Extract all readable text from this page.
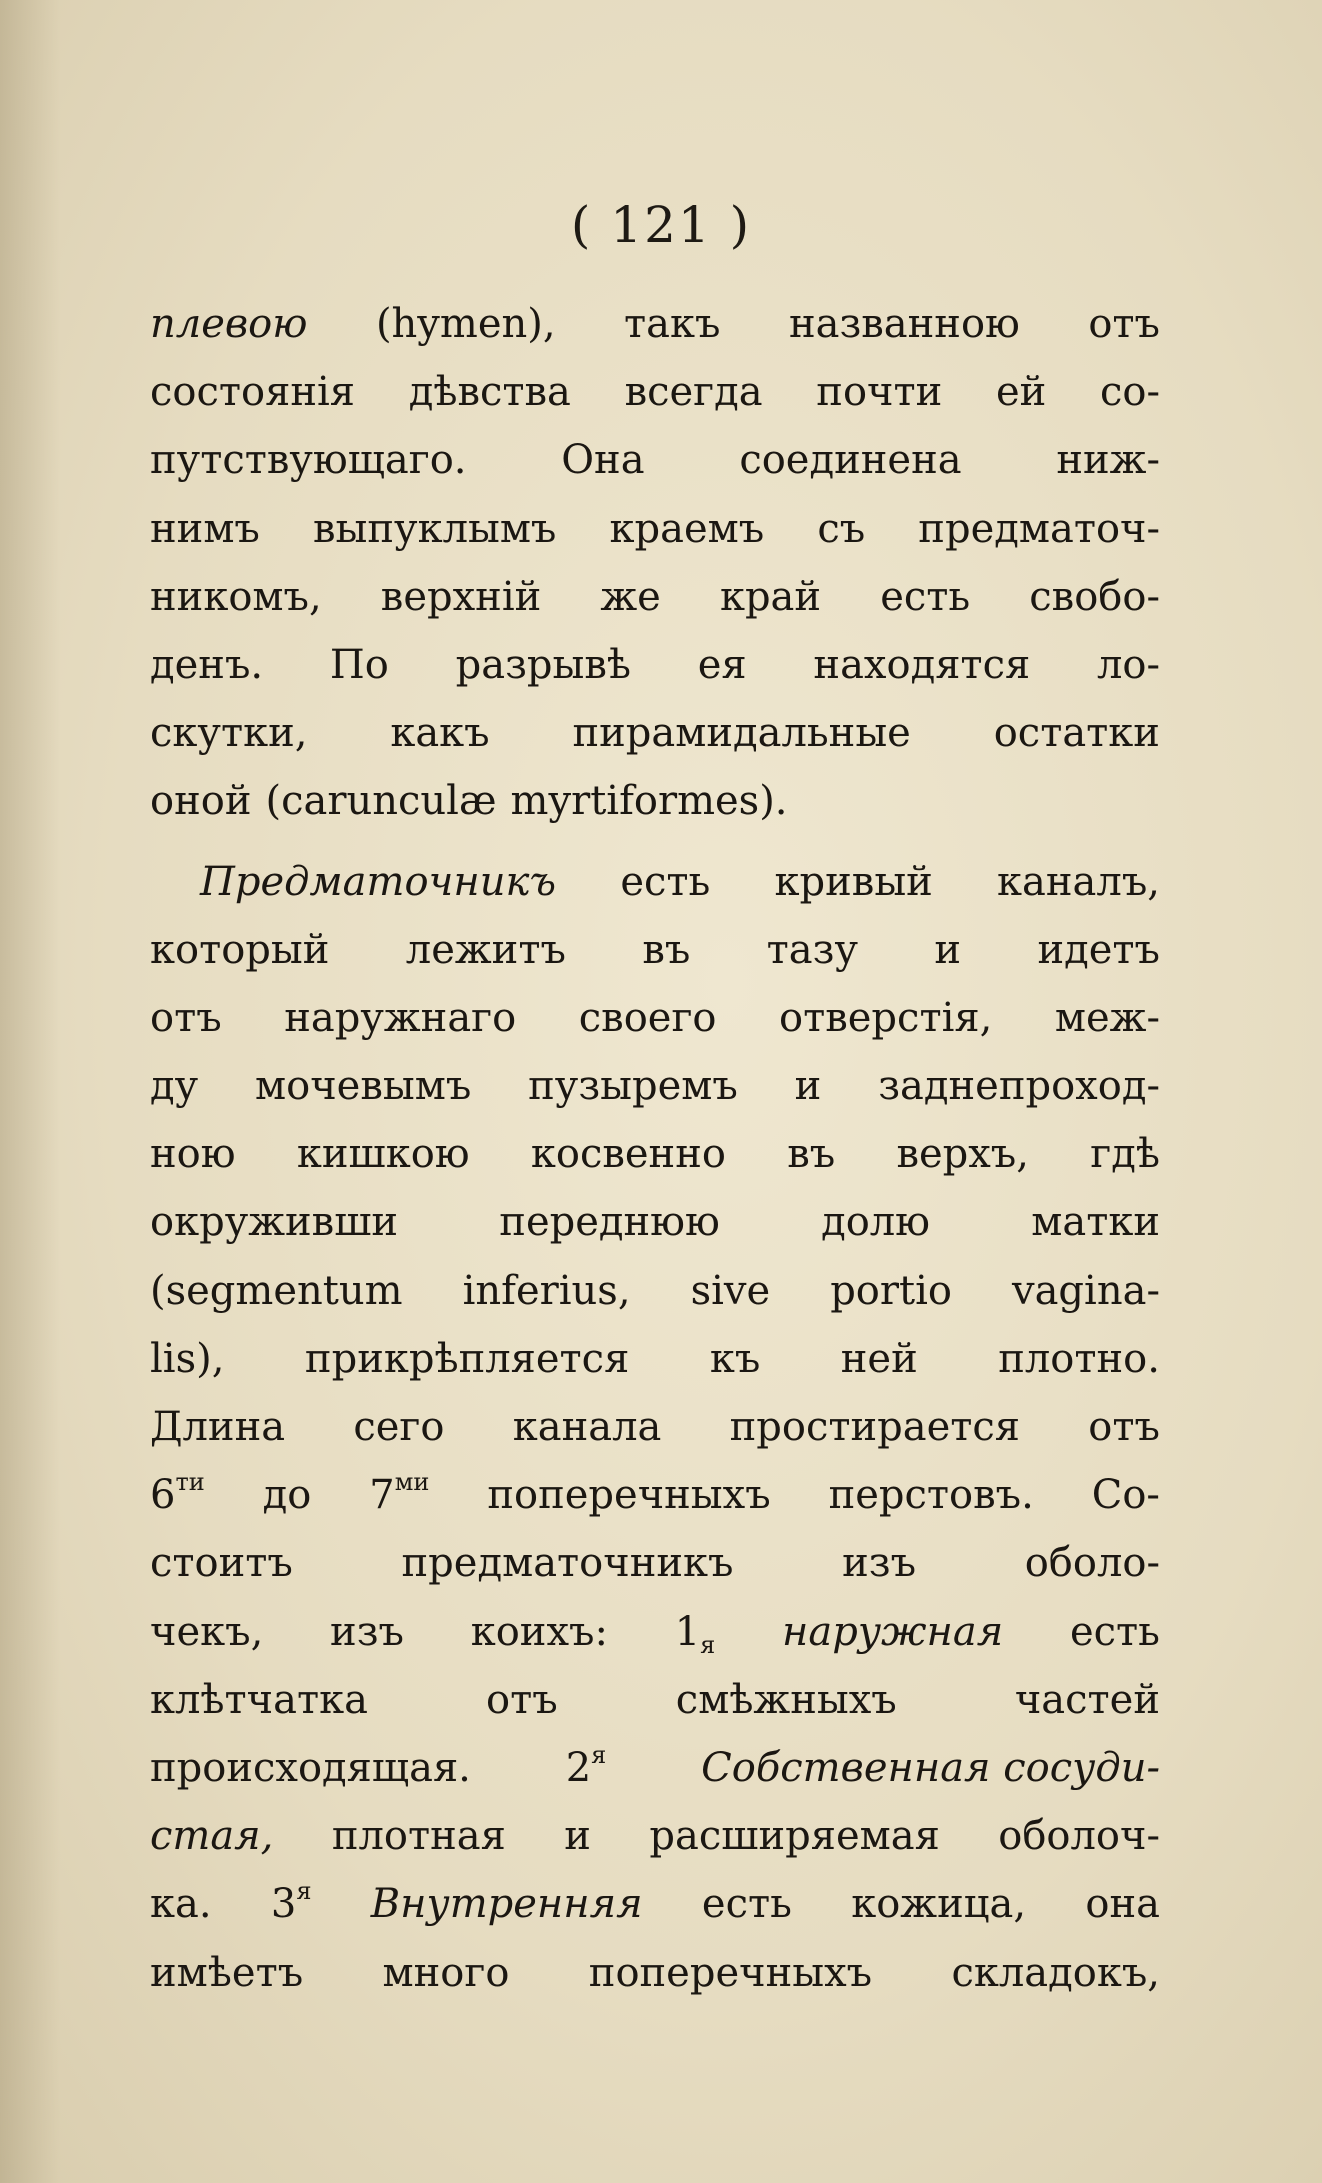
( 121 )
плевою (hymen), такъ названною отъ
состоянія дѣвства всегда почти ей со-
путствующаго. Она соединена ниж-
нимъ выпуклымъ краемъ съ предматоч-
никомъ, верхній же край есть свобо-
денъ. По разрывѣ ея находятся ло-
скутки, какъ пирамидальные остатки
оной (carunculæ myrtiformes).
Предматочникъ есть кривый каналъ,
который лежитъ въ тазу и идетъ
отъ наружнаго своего отверстія, меж-
ду мочевымъ пузыремъ и заднепроход-
ною кишкою косвенно въ верхъ, гдѣ
окруживши	переднюю	долю	матки
(segmentum inferius, sive portio vagina-
lis), прикрѣпляется къ ней плотно.
Длина сего канала простирается отъ
$6^{ти}$ до $7^{ми}$ поперечныхъ перстовъ. Со-
стоитъ	предматочникъ	изъ	оболо-
чекъ, изъ коихъ: $1_я$ наружная есть
клѣтчатка	отъ	смѣжныхъ	частей
происходящая. $2^я$ Собственная сосуди-
стая, плотная и расширяемая оболоч-
ка. $3^я$ Внутренняя есть кожица, она
имѣетъ много поперечныхъ складокъ,
